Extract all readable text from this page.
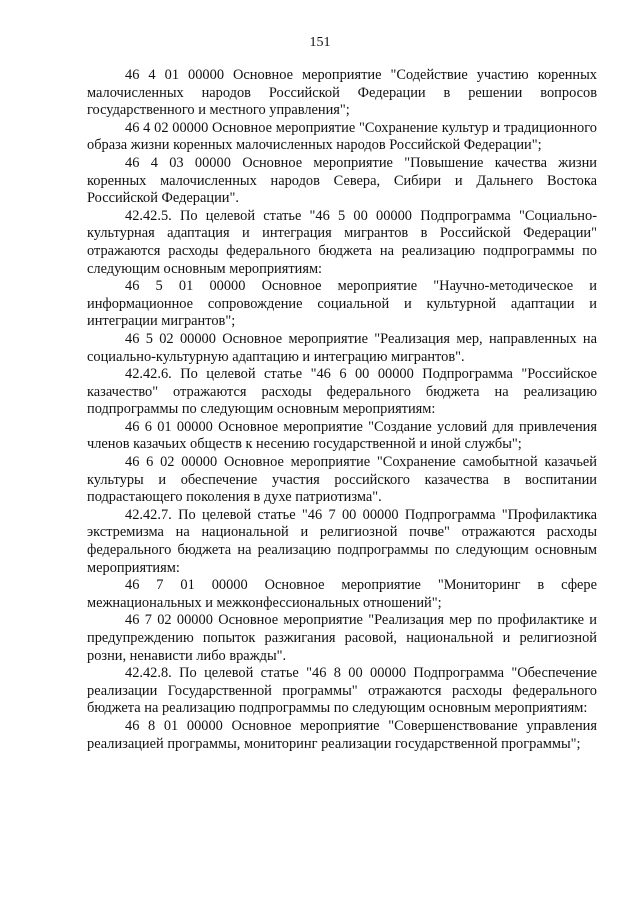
151

46 4 01 00000 Основное мероприятие "Содействие участию коренных малочисленных народов Российской Федерации в решении вопросов государственного и местного управления";

46 4 02 00000 Основное мероприятие "Сохранение культур и традиционного образа жизни коренных малочисленных народов Российской Федерации";

46 4 03 00000 Основное мероприятие "Повышение качества жизни коренных малочисленных народов Севера, Сибири и Дальнего Востока Российской Федерации".

42.42.5. По целевой статье "46 5 00 00000 Подпрограмма "Социально-культурная адаптация и интеграция мигрантов в Российской Федерации" отражаются расходы федерального бюджета на реализацию подпрограммы по следующим основным мероприятиям:

46 5 01 00000 Основное мероприятие "Научно-методическое и информационное сопровождение социальной и культурной адаптации и интеграции мигрантов";

46 5 02 00000 Основное мероприятие "Реализация мер, направленных на социально-культурную адаптацию и интеграцию мигрантов".

42.42.6. По целевой статье "46 6 00 00000 Подпрограмма "Российское казачество" отражаются расходы федерального бюджета на реализацию подпрограммы по следующим основным мероприятиям:

46 6 01 00000 Основное мероприятие "Создание условий для привлечения членов казачьих обществ к несению государственной и иной службы";

46 6 02 00000 Основное мероприятие "Сохранение самобытной казачьей культуры и обеспечение участия российского казачества в воспитании подрастающего поколения в духе патриотизма".

42.42.7. По целевой статье "46 7 00 00000 Подпрограмма "Профилактика экстремизма на национальной и религиозной почве" отражаются расходы федерального бюджета на реализацию подпрограммы по следующим основным мероприятиям:

46 7 01 00000 Основное мероприятие "Мониторинг в сфере межнациональных и межконфессиональных отношений";

46 7 02 00000 Основное мероприятие "Реализация мер по профилактике и предупреждению попыток разжигания расовой, национальной и религиозной розни, ненависти либо вражды".

42.42.8. По целевой статье "46 8 00 00000 Подпрограмма "Обеспечение реализации Государственной программы" отражаются расходы федерального бюджета на реализацию подпрограммы по следующим основным мероприятиям:

46 8 01 00000 Основное мероприятие "Совершенствование управления реализацией программы, мониторинг реализации государственной программы";
